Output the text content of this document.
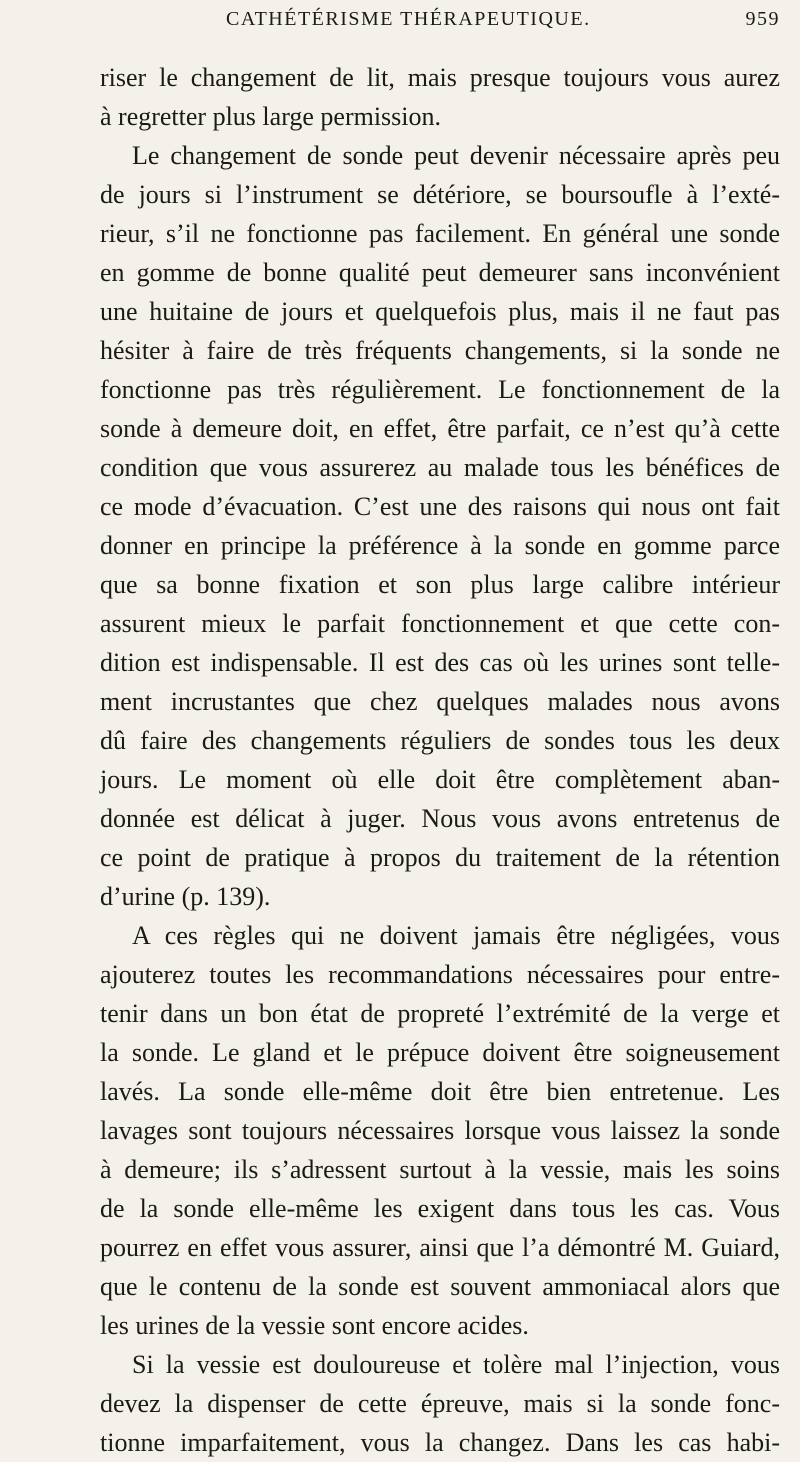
CATHÉTÉRISME THÉRAPEUTIQUE.	959
riser le changement de lit, mais presque toujours vous aurez
à regretter plus large permission.
Le changement de sonde peut devenir nécessaire après peu
de jours si l’instrument se détériore, se boursoufle à l’exté-
rieur, s’il ne fonctionne pas facilement. En général une sonde
en gomme de bonne qualité peut demeurer sans inconvénient
une huitaine de jours et quelquefois plus, mais il ne faut pas
hésiter à faire de très fréquents changements, si la sonde ne
fonctionne pas très régulièrement. Le fonctionnement de la
sonde à demeure doit, en effet, être parfait, ce n’est qu’à cette
condition que vous assurerez au malade tous les bénéfices de
ce mode d’évacuation. C’est une des raisons qui nous ont fait
donner en principe la préférence à la sonde en gomme parce
que sa bonne fixation et son plus large calibre intérieur
assurent mieux le parfait fonctionnement et que cette con-
dition est indispensable. Il est des cas où les urines sont telle-
ment incrustantes que chez quelques malades nous avons
dû faire des changements réguliers de sondes tous les deux
jours. Le moment où elle doit être complètement aban-
donnée est délicat à juger. Nous vous avons entretenus de
ce point de pratique à propos du traitement de la rétention
d’urine (p. 139).
A ces règles qui ne doivent jamais être négligées, vous
ajouterez toutes les recommandations nécessaires pour entre-
tenir dans un bon état de propreté l’extrémité de la verge et
la sonde. Le gland et le prépuce doivent être soigneusement
lavés. La sonde elle-même doit être bien entretenue. Les
lavages sont toujours nécessaires lorsque vous laissez la sonde
à demeure; ils s’adressent surtout à la vessie, mais les soins
de la sonde elle-même les exigent dans tous les cas. Vous
pourrez en effet vous assurer, ainsi que l’a démontré M. Guiard,
que le contenu de la sonde est souvent ammoniacal alors que
les urines de la vessie sont encore acides.
Si la vessie est douloureuse et tolère mal l’injection, vous
devez la dispenser de cette épreuve, mais si la sonde fonc-
tionne imparfaitement, vous la changez. Dans les cas habi-
